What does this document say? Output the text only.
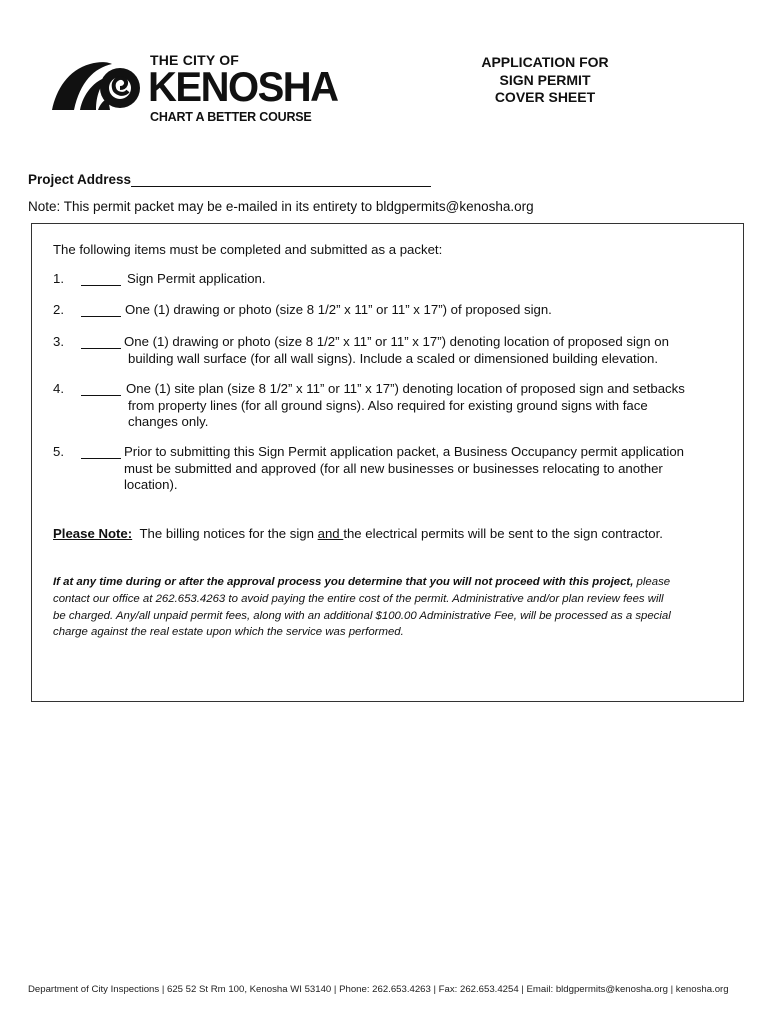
THE CITY OF
KENOSHA
CHART A BETTER COURSE
APPLICATION FOR
SIGN PERMIT
COVER SHEET
Project Address
Note: This permit packet may be e-mailed in its entirety to bldgpermits@kenosha.org
The following items must be completed and submitted as a packet:
1.	Sign Permit application.
2.	One (1) drawing or photo (size 8 1/2” x 11” or 11” x 17”) of proposed sign.
3.	One (1) drawing or photo (size 8 1/2” x 11” or 11” x 17”) denoting location of proposed sign on
building wall surface (for all wall signs). Include a scaled or dimensioned building elevation.
4.	One (1) site plan (size 8 1/2” x 11” or 11” x 17”) denoting location of proposed sign and setbacks
from property lines (for all ground signs). Also required for existing ground signs with face
changes only.
5.	Prior to submitting this Sign Permit application packet, a Business Occupancy permit application
must be submitted and approved (for all new businesses or businesses relocating to another
location).
Please Note: The billing notices for the sign and the electrical permits will be sent to the sign contractor.
If at any time during or after the approval process you determine that you will not proceed with this project, please
contact our office at 262.653.4263 to avoid paying the entire cost of the permit. Administrative and/or plan review fees will
be charged. Any/all unpaid permit fees, along with an additional $100.00 Administrative Fee, will be processed as a special
charge against the real estate upon which the service was performed.
Department of City Inspections | 625 52 St Rm 100, Kenosha WI 53140 | Phone: 262.653.4263 | Fax: 262.653.4254 | Email: bldgpermits@kenosha.org | kenosha.org
